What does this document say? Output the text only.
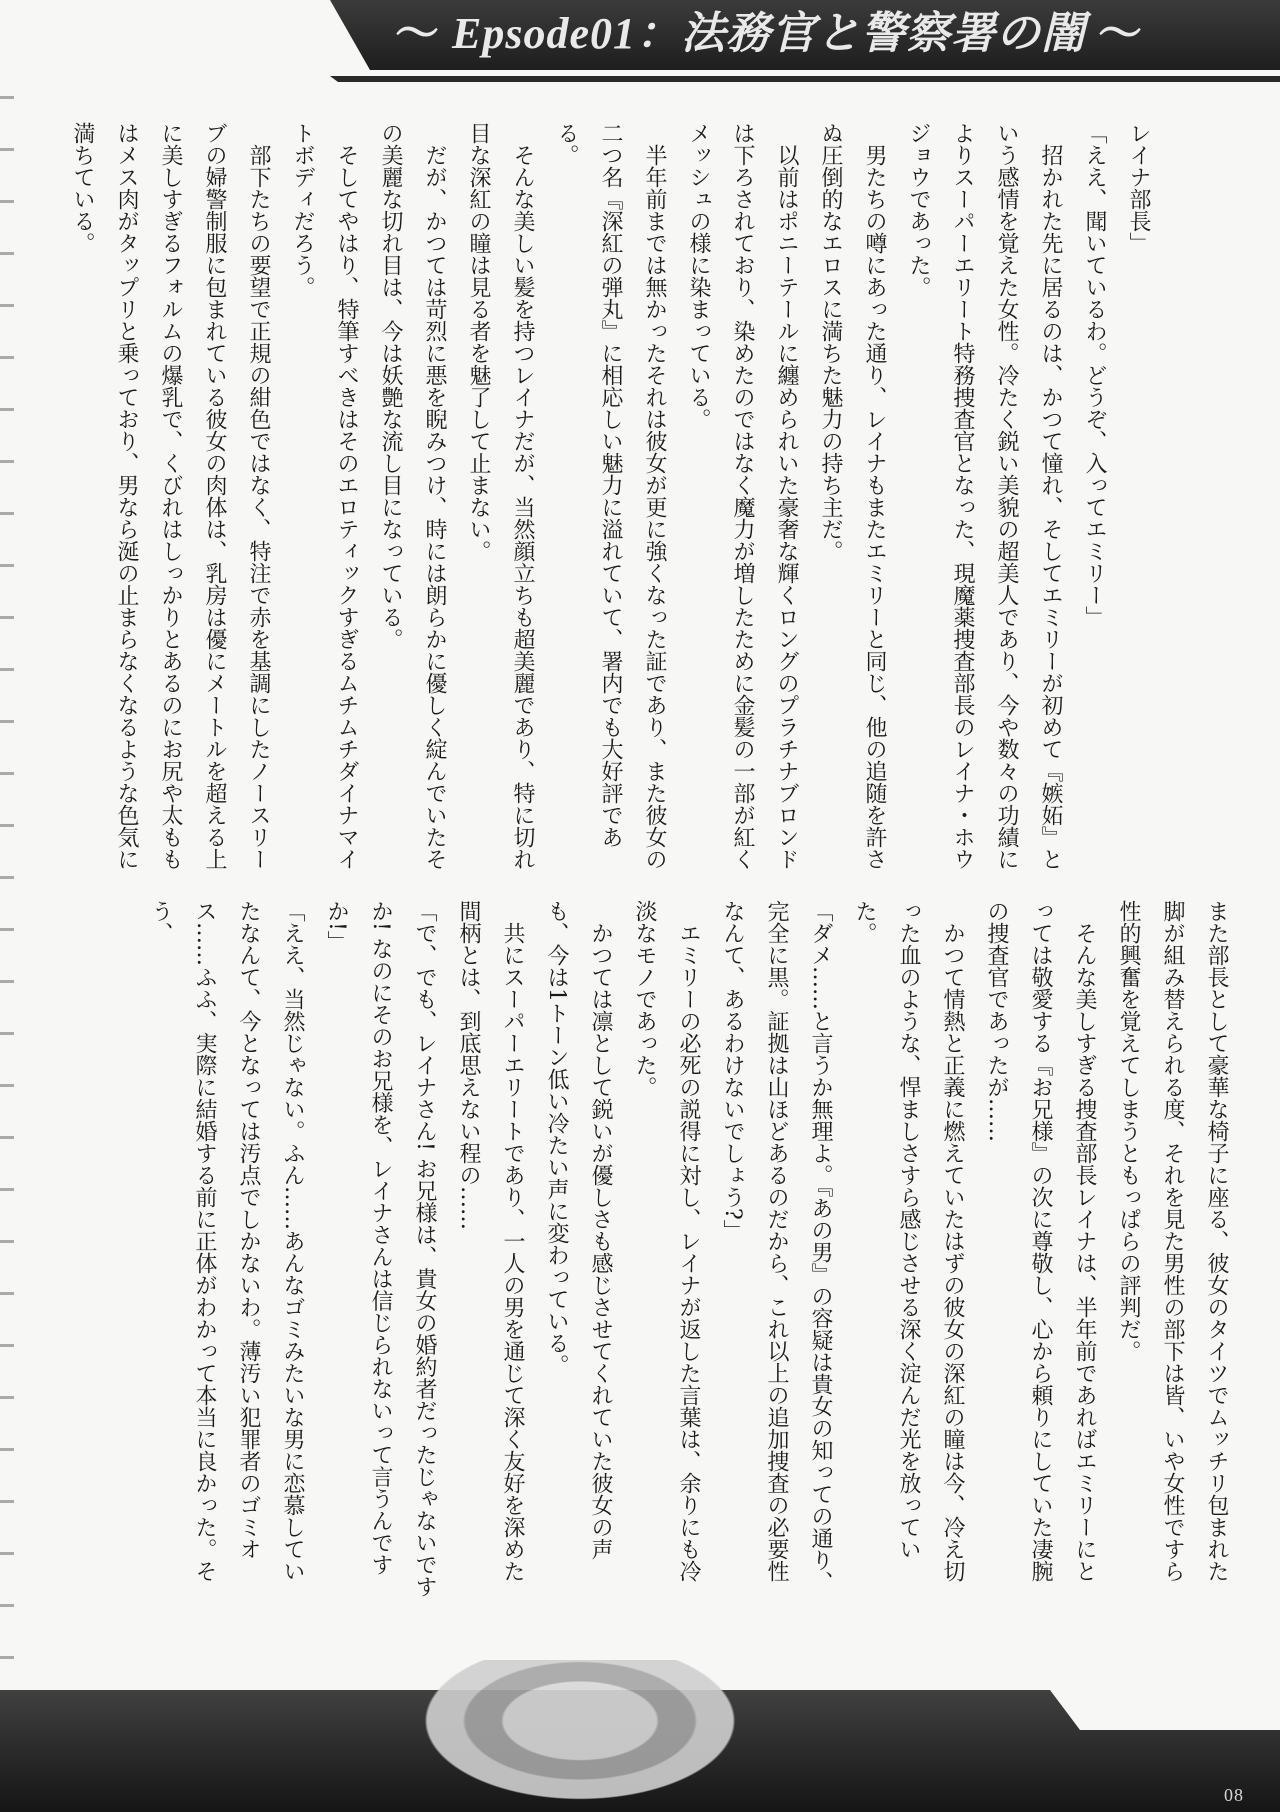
〜 Epsode01：法務官と警察署の闇 〜

レイナ部長」

「ええ、聞いているわ。どうぞ、入ってエミリー」

招かれた先に居るのは、かつて憧れ、そしてエミリーが初めて『嫉妬』という感情を覚えた女性。冷たく鋭い美貌の超美人であり、今や数々の功績によりスーパーエリート特務捜査官となった、現魔薬捜査部長のレイナ・ホウジョウであった。

男たちの噂にあった通り、レイナもまたエミリーと同じ、他の追随を許さぬ圧倒的なエロスに満ちた魅力の持ち主だ。

以前はポニーテールに纏められいた豪奢な輝くロングのプラチナブロンドは下ろされており、染めたのではなく魔力が増したために金髪の一部が紅くメッシュの様に染まっている。

半年前までは無かったそれは彼女が更に強くなった証であり、また彼女の二つ名『深紅の弾丸』に相応しい魅力に溢れていて、署内でも大好評である。

そんな美しい髪を持つレイナだが、当然顔立ちも超美麗であり、特に切れ目な深紅の瞳は見る者を魅了して止まない。

だが、かつては苛烈に悪を睨みつけ、時には朗らかに優しく綻んでいたその美麗な切れ目は、今は妖艶な流し目になっている。

そしてやはり、特筆すべきはそのエロティックすぎるムチムチダイナマイトボディだろう。

部下たちの要望で正規の紺色ではなく、特注で赤を基調にしたノースリーブの婦警制服に包まれている彼女の肉体は、乳房は優にメートルを超える上に美しすぎるフォルムの爆乳で、くびれはしっかりとあるのにお尻や太ももはメス肉がタップリと乗っており、男なら涎の止まらなくなるような色気に満ちている。

また部長として豪華な椅子に座る、彼女のタイツでムッチリ包まれた脚が組み替えられる度、それを見た男性の部下は皆、いや女性ですら性的興奮を覚えてしまうともっぱらの評判だ。

そんな美しすぎる捜査部長レイナは、半年前であればエミリーにとっては敬愛する『お兄様』の次に尊敬し、心から頼りにしていた凄腕の捜査官であったが……

かつて情熱と正義に燃えていたはずの彼女の深紅の瞳は今、冷え切った血のような、悍ましさすら感じさせる深く淀んだ光を放っていた。

「ダメ……と言うか無理よ。『あの男』の容疑は貴女の知っての通り、完全に黒。証拠は山ほどあるのだから、これ以上の追加捜査の必要性なんて、あるわけないでしょう?」

エミリーの必死の説得に対し、レイナが返した言葉は、余りにも冷淡なモノであった。

かつては凛として鋭いが優しさも感じさせてくれていた彼女の声も、今は1トーン低い冷たい声に変わっている。

共にスーパーエリートであり、一人の男を通じて深く友好を深めた間柄とは、到底思えない程の……

「で、でも、レイナさん! お兄様は、貴女の婚約者だったじゃないですか! なのにそのお兄様を、レイナさんは信じられないって言うんですか!」

「ええ、当然じゃない。ふん……あんなゴミみたいな男に恋慕していたなんて、今となっては汚点でしかないわ。薄汚い犯罪者のゴミオス……ふふ、実際に結婚する前に正体がわかって本当に良かった。そう、

08
